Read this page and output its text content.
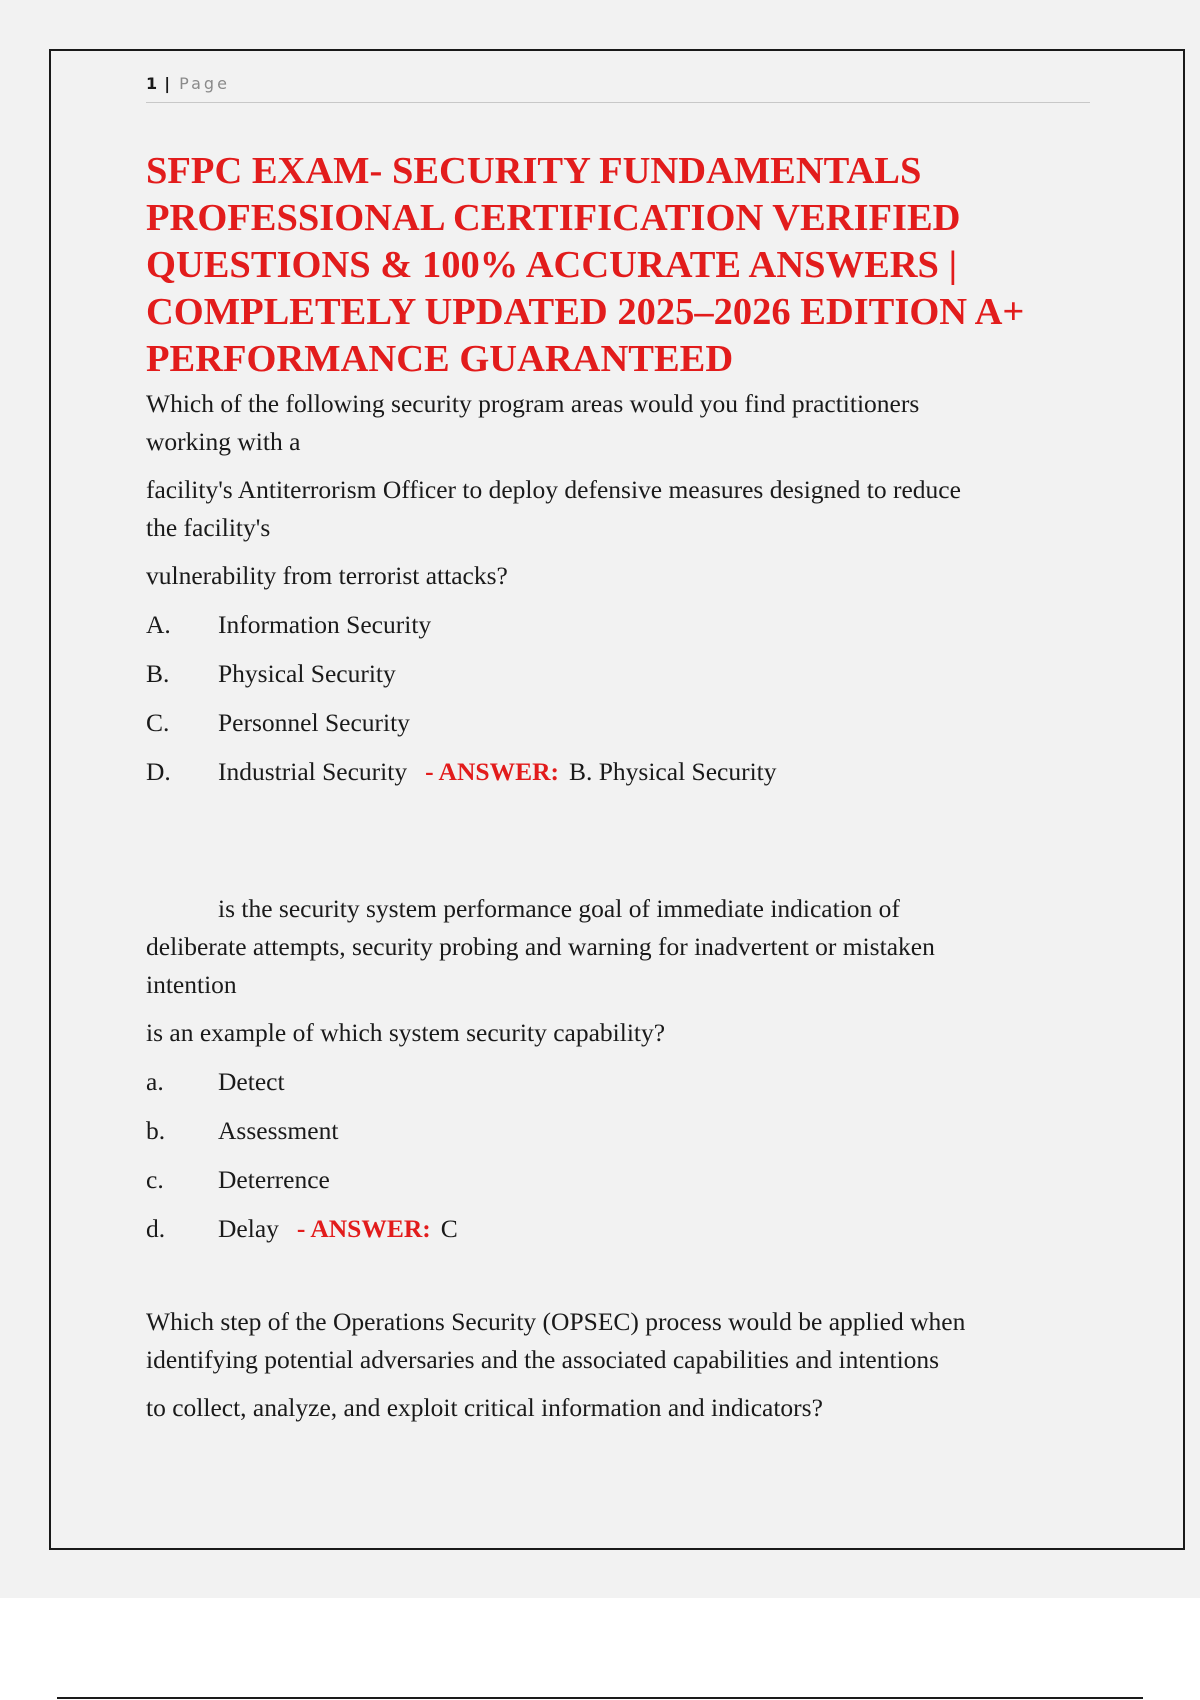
1 | Page
SFPC EXAM- SECURITY FUNDAMENTALS
PROFESSIONAL CERTIFICATION VERIFIED
QUESTIONS & 100% ACCURATE ANSWERS |
COMPLETELY UPDATED 2025–2026 EDITION A+
PERFORMANCE GUARANTEED

Which of the following security program areas would you find practitioners

working with a

facility's Antiterrorism Officer to deploy defensive measures designed to reduce

the facility's

vulnerability from terrorist attacks?

A. Information Security
B. Physical Security
C. Personnel Security
D. Industrial Security - ANSWER: B. Physical Security

is the security system performance goal of immediate indication of

deliberate attempts, security probing and warning for inadvertent or mistaken

intention

is an example of which system security capability?

a. Detect
b. Assessment
c. Deterrence
d. Delay - ANSWER: C

Which step of the Operations Security (OPSEC) process would be applied when

identifying potential adversaries and the associated capabilities and intentions

to collect, analyze, and exploit critical information and indicators?
